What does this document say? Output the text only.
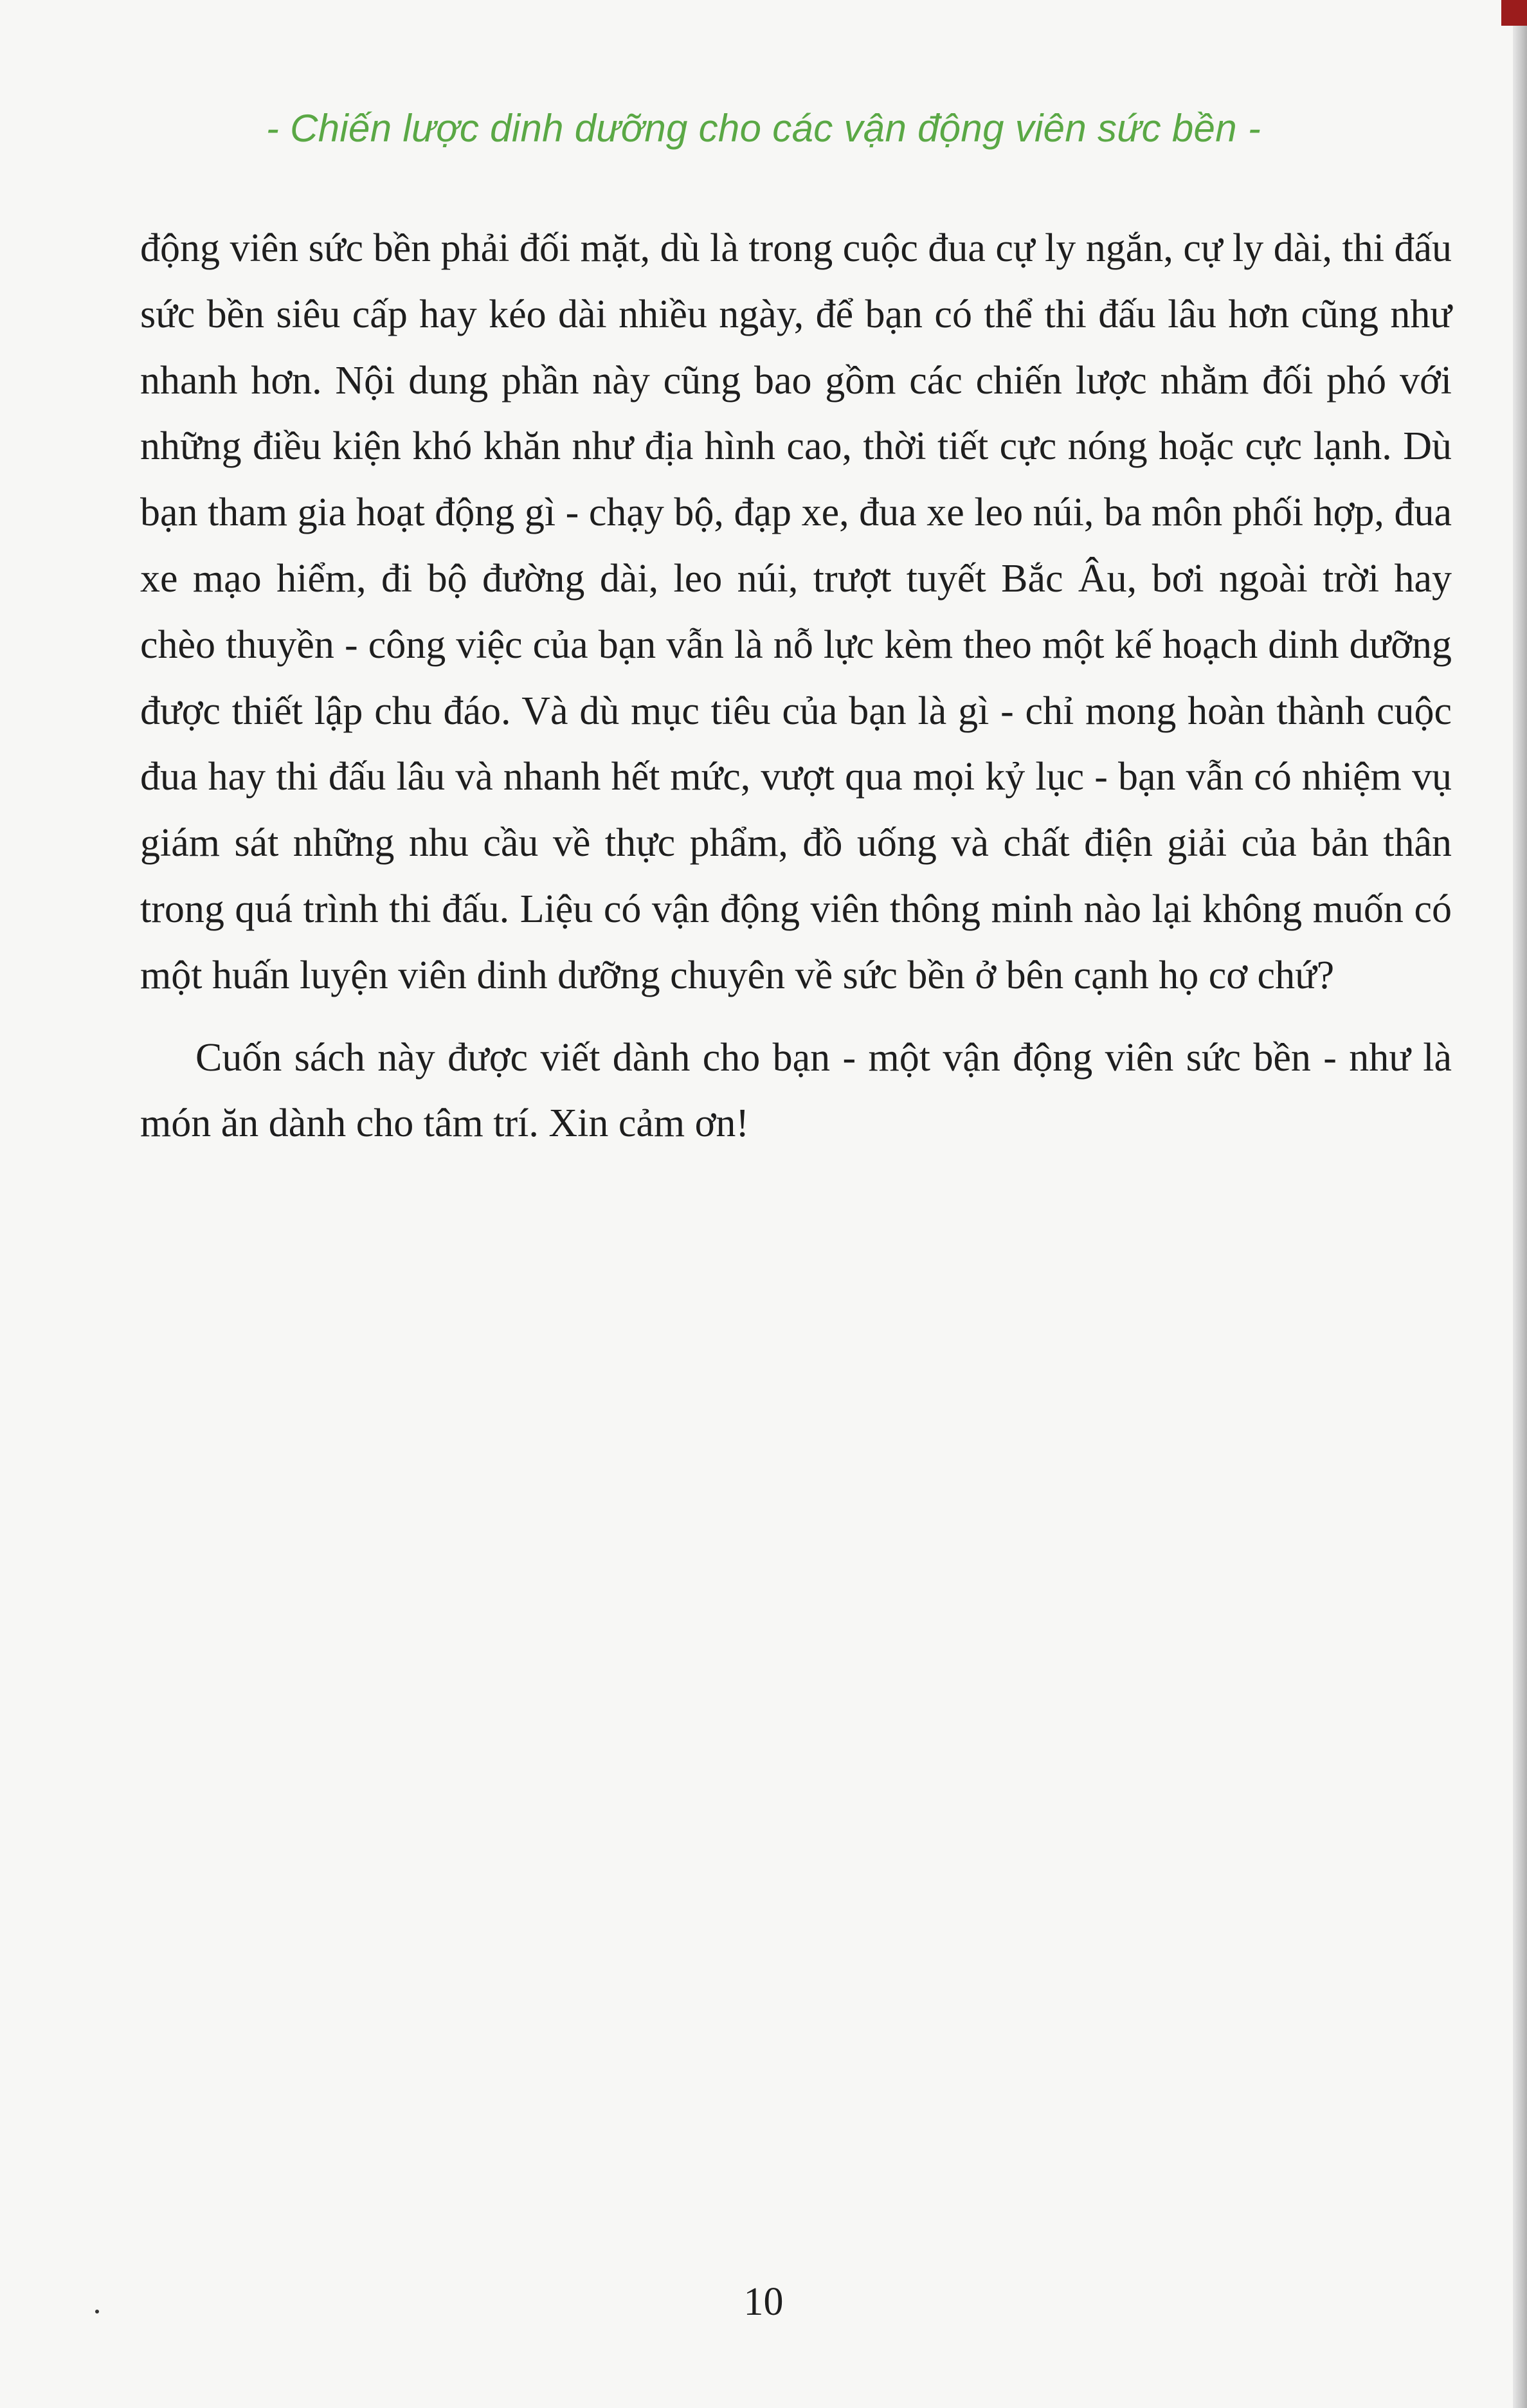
- Chiến lược dinh dưỡng cho các vận động viên sức bền -

động viên sức bền phải đối mặt, dù là trong cuộc đua cự ly ngắn, cự ly dài, thi đấu sức bền siêu cấp hay kéo dài nhiều ngày, để bạn có thể thi đấu lâu hơn cũng như nhanh hơn. Nội dung phần này cũng bao gồm các chiến lược nhằm đối phó với những điều kiện khó khăn như địa hình cao, thời tiết cực nóng hoặc cực lạnh. Dù bạn tham gia hoạt động gì - chạy bộ, đạp xe, đua xe leo núi, ba môn phối hợp, đua xe mạo hiểm, đi bộ đường dài, leo núi, trượt tuyết Bắc Âu, bơi ngoài trời hay chèo thuyền - công việc của bạn vẫn là nỗ lực kèm theo một kế hoạch dinh dưỡng được thiết lập chu đáo. Và dù mục tiêu của bạn là gì - chỉ mong hoàn thành cuộc đua hay thi đấu lâu và nhanh hết mức, vượt qua mọi kỷ lục - bạn vẫn có nhiệm vụ giám sát những nhu cầu về thực phẩm, đồ uống và chất điện giải của bản thân trong quá trình thi đấu. Liệu có vận động viên thông minh nào lại không muốn có một huấn luyện viên dinh dưỡng chuyên về sức bền ở bên cạnh họ cơ chứ?

Cuốn sách này được viết dành cho bạn - một vận động viên sức bền - như là món ăn dành cho tâm trí. Xin cảm ơn!

10
